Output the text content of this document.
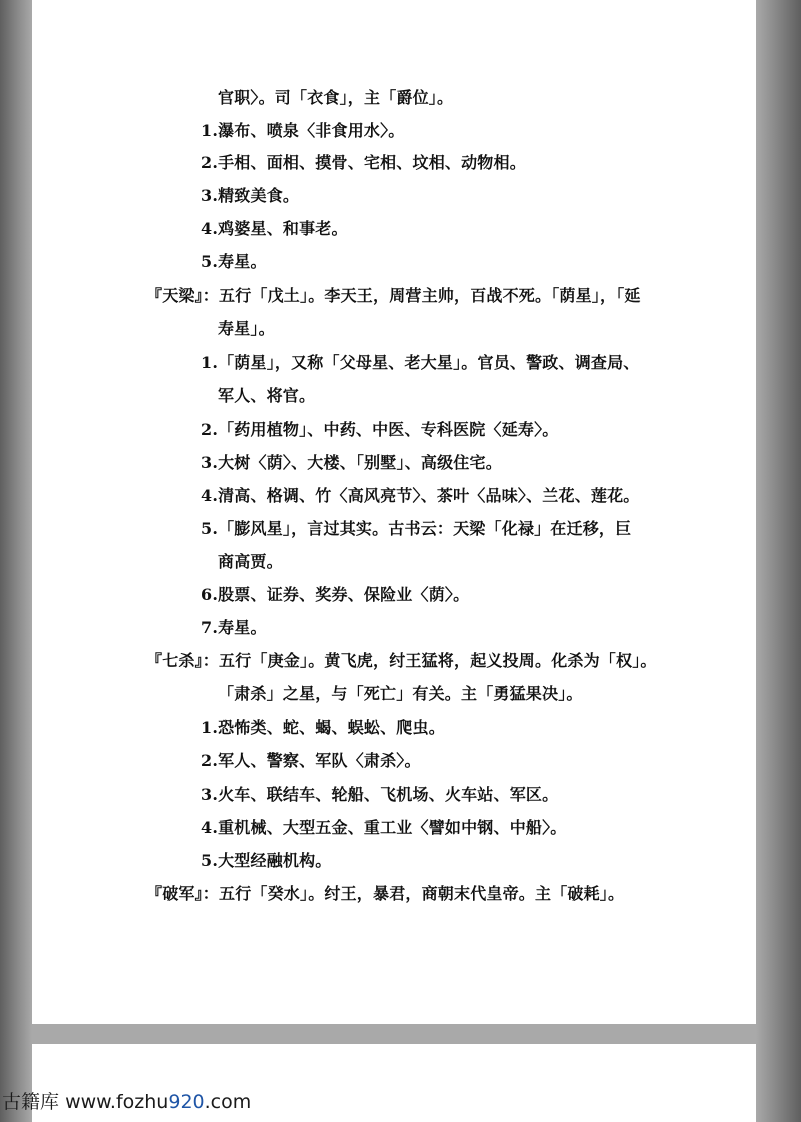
官职〉。司「衣食」，主「爵位」。
1.瀑布、喷泉〈非食用水〉。
2.手相、面相、摸骨、宅相、坟相、动物相。
3.精致美食。
4.鸡婆星、和事老。
5.寿星。
『天梁』：五行「戊土」。李天王，周营主帅，百战不死。「荫星」，「延
寿星」。
1.「荫星」，又称「父母星、老大星」。官员、警政、调查局、
军人、将官。
2.「药用植物」、中药、中医、专科医院〈延寿〉。
3.大树〈荫〉、大楼、「别墅」、高级住宅。
4.清高、格调、竹〈高风亮节〉、茶叶〈品味〉、兰花、莲花。
5.「膨风星」，言过其实。古书云：天梁「化禄」在迁移，巨
商高贾。
6.股票、证券、奖券、保险业〈荫〉。
7.寿星。
『七杀』：五行「庚金」。黄飞虎，纣王猛将，起义投周。化杀为「权」。
「肃杀」之星，与「死亡」有关。主「勇猛果决」。
1.恐怖类、蛇、蝎、蜈蚣、爬虫。
2.军人、警察、军队〈肃杀〉。
3.火车、联结车、轮船、飞机场、火车站、军区。
4.重机械、大型五金、重工业〈譬如中钢、中船〉。
5.大型经融机构。
『破军』：五行「癸水」。纣王，暴君，商朝末代皇帝。主「破耗」。
古籍库 www.fozhu920.com
